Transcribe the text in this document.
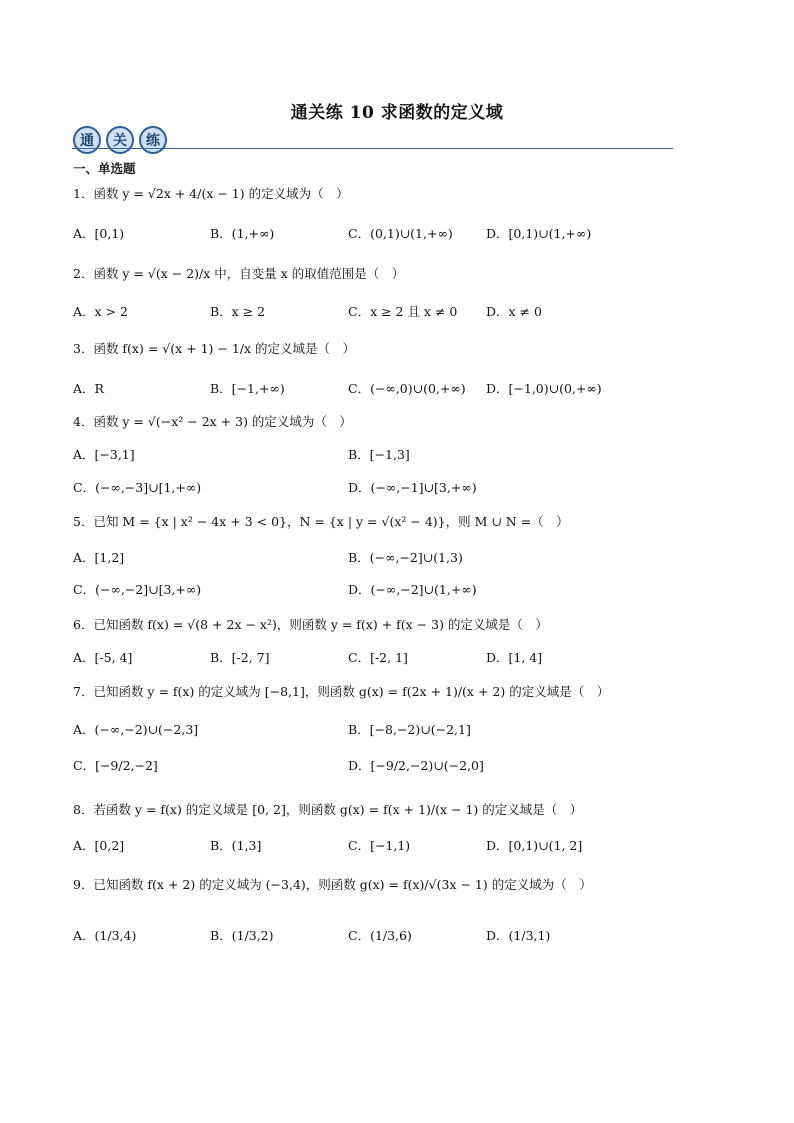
通关练 10 求函数的定义域
通 关 练
一、单选题
1．函数 y = √2x + 4/(x − 1) 的定义域为（　）
A．[0,1)	B．(1,+∞)	C．(0,1)∪(1,+∞)	D．[0,1)∪(1,+∞)
2．函数 y = √(x − 2)/x 中，自变量 x 的取值范围是（　）
A．x > 2	B．x ≥ 2	C．x ≥ 2 且 x ≠ 0 D．x ≠ 0
3．函数 f(x) = √(x + 1) − 1/x 的定义域是（　）
A．R	B．[−1,+∞)	C．(−∞,0)∪(0,+∞) D．[−1,0)∪(0,+∞)
4．函数 y = √(−x² − 2x + 3) 的定义域为（　）
A．[−3,1]	B．[−1,3]
C．(−∞,−3]∪[1,+∞)	D．(−∞,−1]∪[3,+∞)
5．已知 M = {x | x² − 4x + 3 < 0}，N = {x | y = √(x² − 4)}，则 M ∪ N =（　）
A．[1,2]	B．(−∞,−2]∪(1,3)
C．(−∞,−2]∪[3,+∞)	D．(−∞,−2]∪(1,+∞)
6．已知函数 f(x) = √(8 + 2x − x²)，则函数 y = f(x) + f(x − 3) 的定义域是（　）
A．[-5, 4]	B．[-2, 7]	C．[-2, 1]	D．[1, 4]
7．已知函数 y = f(x) 的定义域为 [−8,1]，则函数 g(x) = f(2x + 1)/(x + 2) 的定义域是（　）
A．(−∞,−2)∪(−2,3]	B．[−8,−2)∪(−2,1]
C．[−9/2,−2]	D．[−9/2,−2)∪(−2,0]
8．若函数 y = f(x) 的定义域是 [0, 2]，则函数 g(x) = f(x + 1)/(x − 1) 的定义域是（　）
A．[0,2]	B．(1,3]	C．[−1,1)	D．[0,1)∪(1, 2]
9．已知函数 f(x + 2) 的定义域为 (−3,4)，则函数 g(x) = f(x)/√(3x − 1) 的定义域为（　）
A．(1/3,4)	B．(1/3,2)	C．(1/3,6)	D．(1/3,1)
